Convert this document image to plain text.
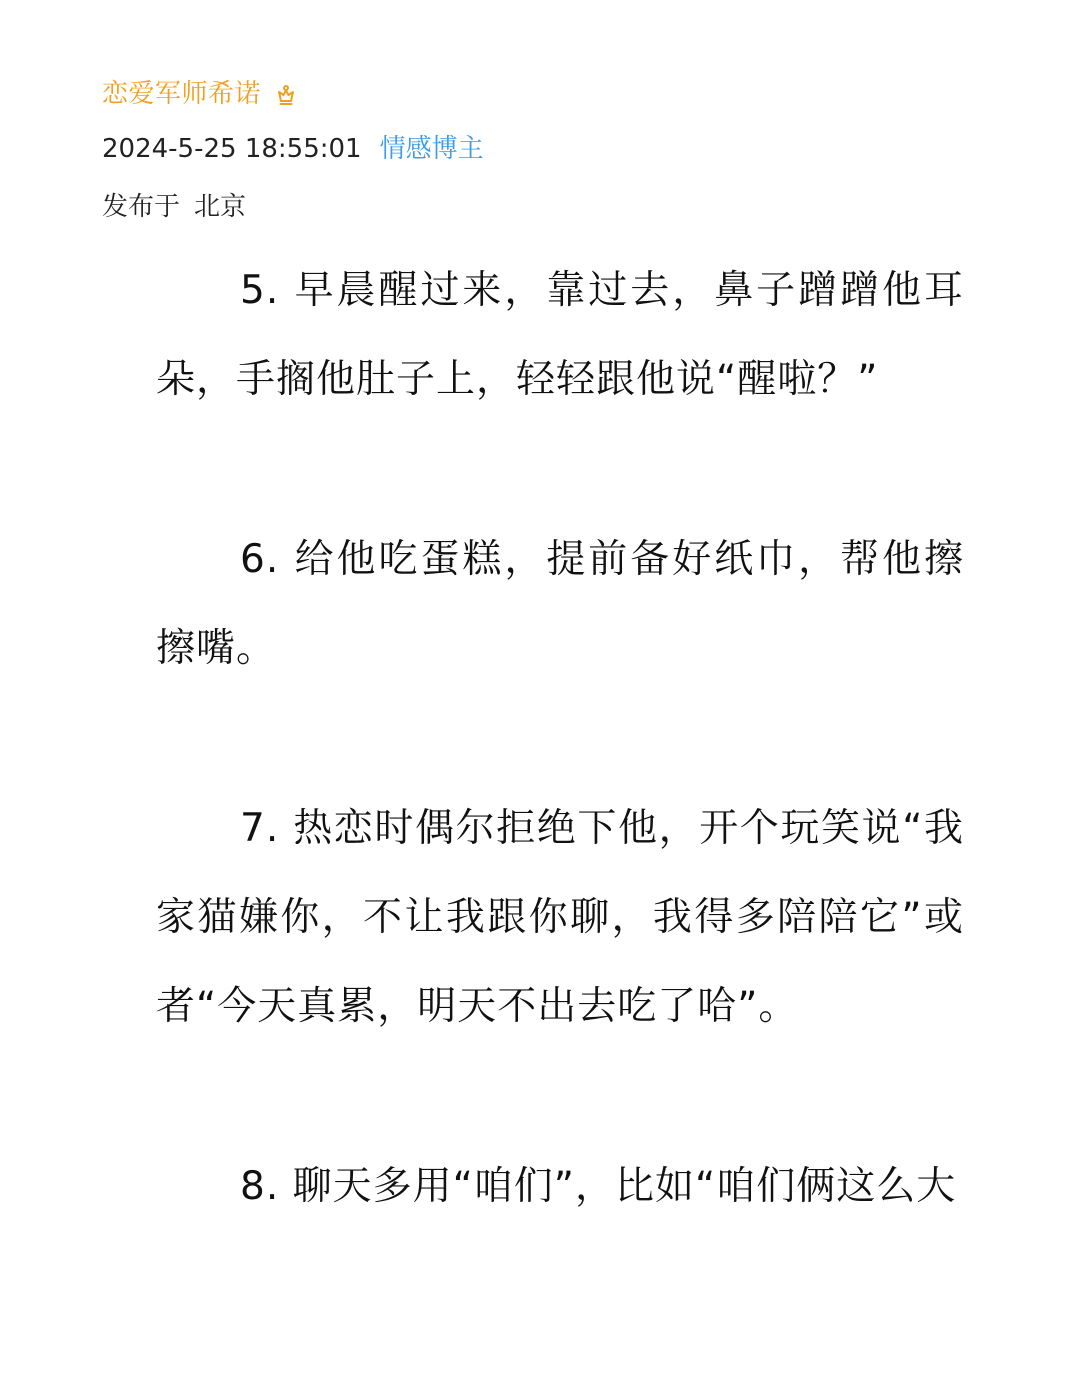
恋爱军师希诺
2024-5-25 18:55:01 情感博主
发布于 北京

5. 早晨醒过来，靠过去，鼻子蹭蹭他耳朵，手搁他肚子上，轻轻跟他说“醒啦？”

6. 给他吃蛋糕，提前备好纸巾，帮他擦擦嘴。

7. 热恋时偶尔拒绝下他，开个玩笑说“我家猫嫌你，不让我跟你聊，我得多陪陪它”或者“今天真累，明天不出去吃了哈”。

8. 聊天多用“咱们”，比如“咱们俩这么大
